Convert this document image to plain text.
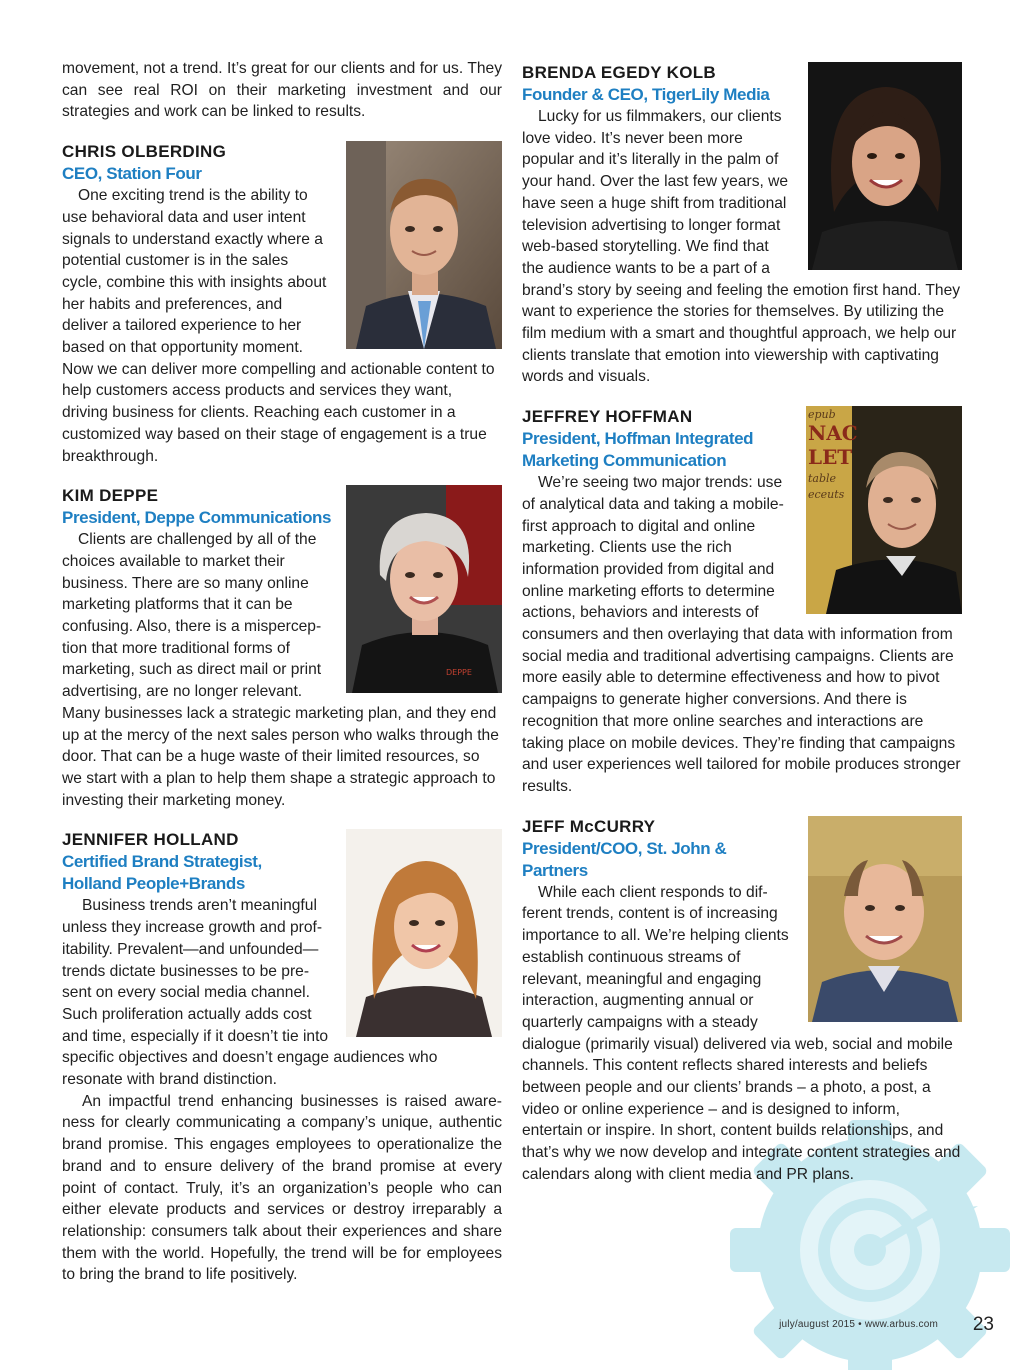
movement, not a trend. It’s great for our clients and for us. They can see real ROI on their marketing investment and our strategies and work can be linked to results.

CHRIS OLBERDING

CEO, Station Four

One exciting trend is the ability to use behavioral data and user intent signals to understand exactly where a potential customer is in the sales cycle, combine this with insights about her habits and preferences, and deliver a tailored experience to her based on that opportunity moment. Now we can deliver more compelling and actionable content to help customers access products and services they want, driving business for clients. Reaching each customer in a customized way based on their stage of engagement is a true breakthrough.

DEPPE

KIM DEPPE

President, Deppe Communications

Clients are challenged by all of the choices available to market their business. There are so many online marketing platforms that it can be confusing. Also, there is a misperception that more traditional forms of marketing, such as direct mail or print advertising, are no longer relevant. Many businesses lack a strategic marketing plan, and they end up at the mercy of the next sales person who walks through the door. That can be a huge waste of their limited resources, so we start with a plan to help them shape a strategic approach to investing their marketing money.

JENNIFER HOLLAND

Certified Brand Strategist,

Holland People+Brands

Business trends aren’t meaningful unless they increase growth and profitability. Prevalent—and unfounded—trends dictate businesses to be present on every social media channel. Such proliferation actually adds cost and time, especially if it doesn’t tie into specific objectives and doesn’t engage audiences who resonate with brand distinction.

An impactful trend enhancing businesses is raised awareness for clearly communicating a company’s unique, authentic brand promise. This engages employees to operationalize the brand and to ensure delivery of the brand promise at every point of contact. Truly, it’s an organization’s people who can either elevate products and services or destroy irreparably a relationship: consumers talk about their experiences and share them with the world. Hopefully, the trend will be for employees to bring the brand to life positively.

BRENDA EGEDY KOLB

Founder & CEO, TigerLily Media

Lucky for us filmmakers, our clients love video. It’s never been more popular and it’s literally in the palm of your hand. Over the last few years, we have seen a huge shift from traditional television advertising to longer format web-based storytelling. We find that the audience wants to be a part of a brand’s story by seeing and feeling the emotion first hand. They want to experience the stories for themselves. By utilizing the film medium with a smart and thoughtful approach, we help our clients translate that emotion into viewership with captivating words and visuals.

epub
NAC
LET
table
eceuts

JEFFREY HOFFMAN

President, Hoffman Integrated

Marketing Communication

We’re seeing two major trends: use of analytical data and taking a mobile-first approach to digital and online marketing. Clients use the rich information provided from digital and online marketing efforts to determine actions, behaviors and interests of consumers and then overlaying that data with information from social media and traditional advertising campaigns. Clients are more easily able to determine effectiveness and how to pivot campaigns to generate higher conversions. And there is recognition that more online searches and interactions are taking place on mobile devices. They’re finding that campaigns and user experiences well tailored for mobile produces stronger results.

JEFF McCURRY

President/COO, St. John & Partners

While each client responds to different trends, content is of increasing importance to all. We’re helping clients establish continuous streams of relevant, meaningful and engaging interaction, augmenting annual or quarterly campaigns with a steady dialogue (primarily visual) delivered via web, social and mobile channels. This content reflects shared interests and beliefs between people and our clients’ brands – a photo, a post, a video or online experience – and is designed to inform, entertain or inspire. In short, content builds relationships, and that’s why we now develop and integrate content strategies and calendars along with client media and PR plans.

july/august 2015 • www.arbus.com 23
